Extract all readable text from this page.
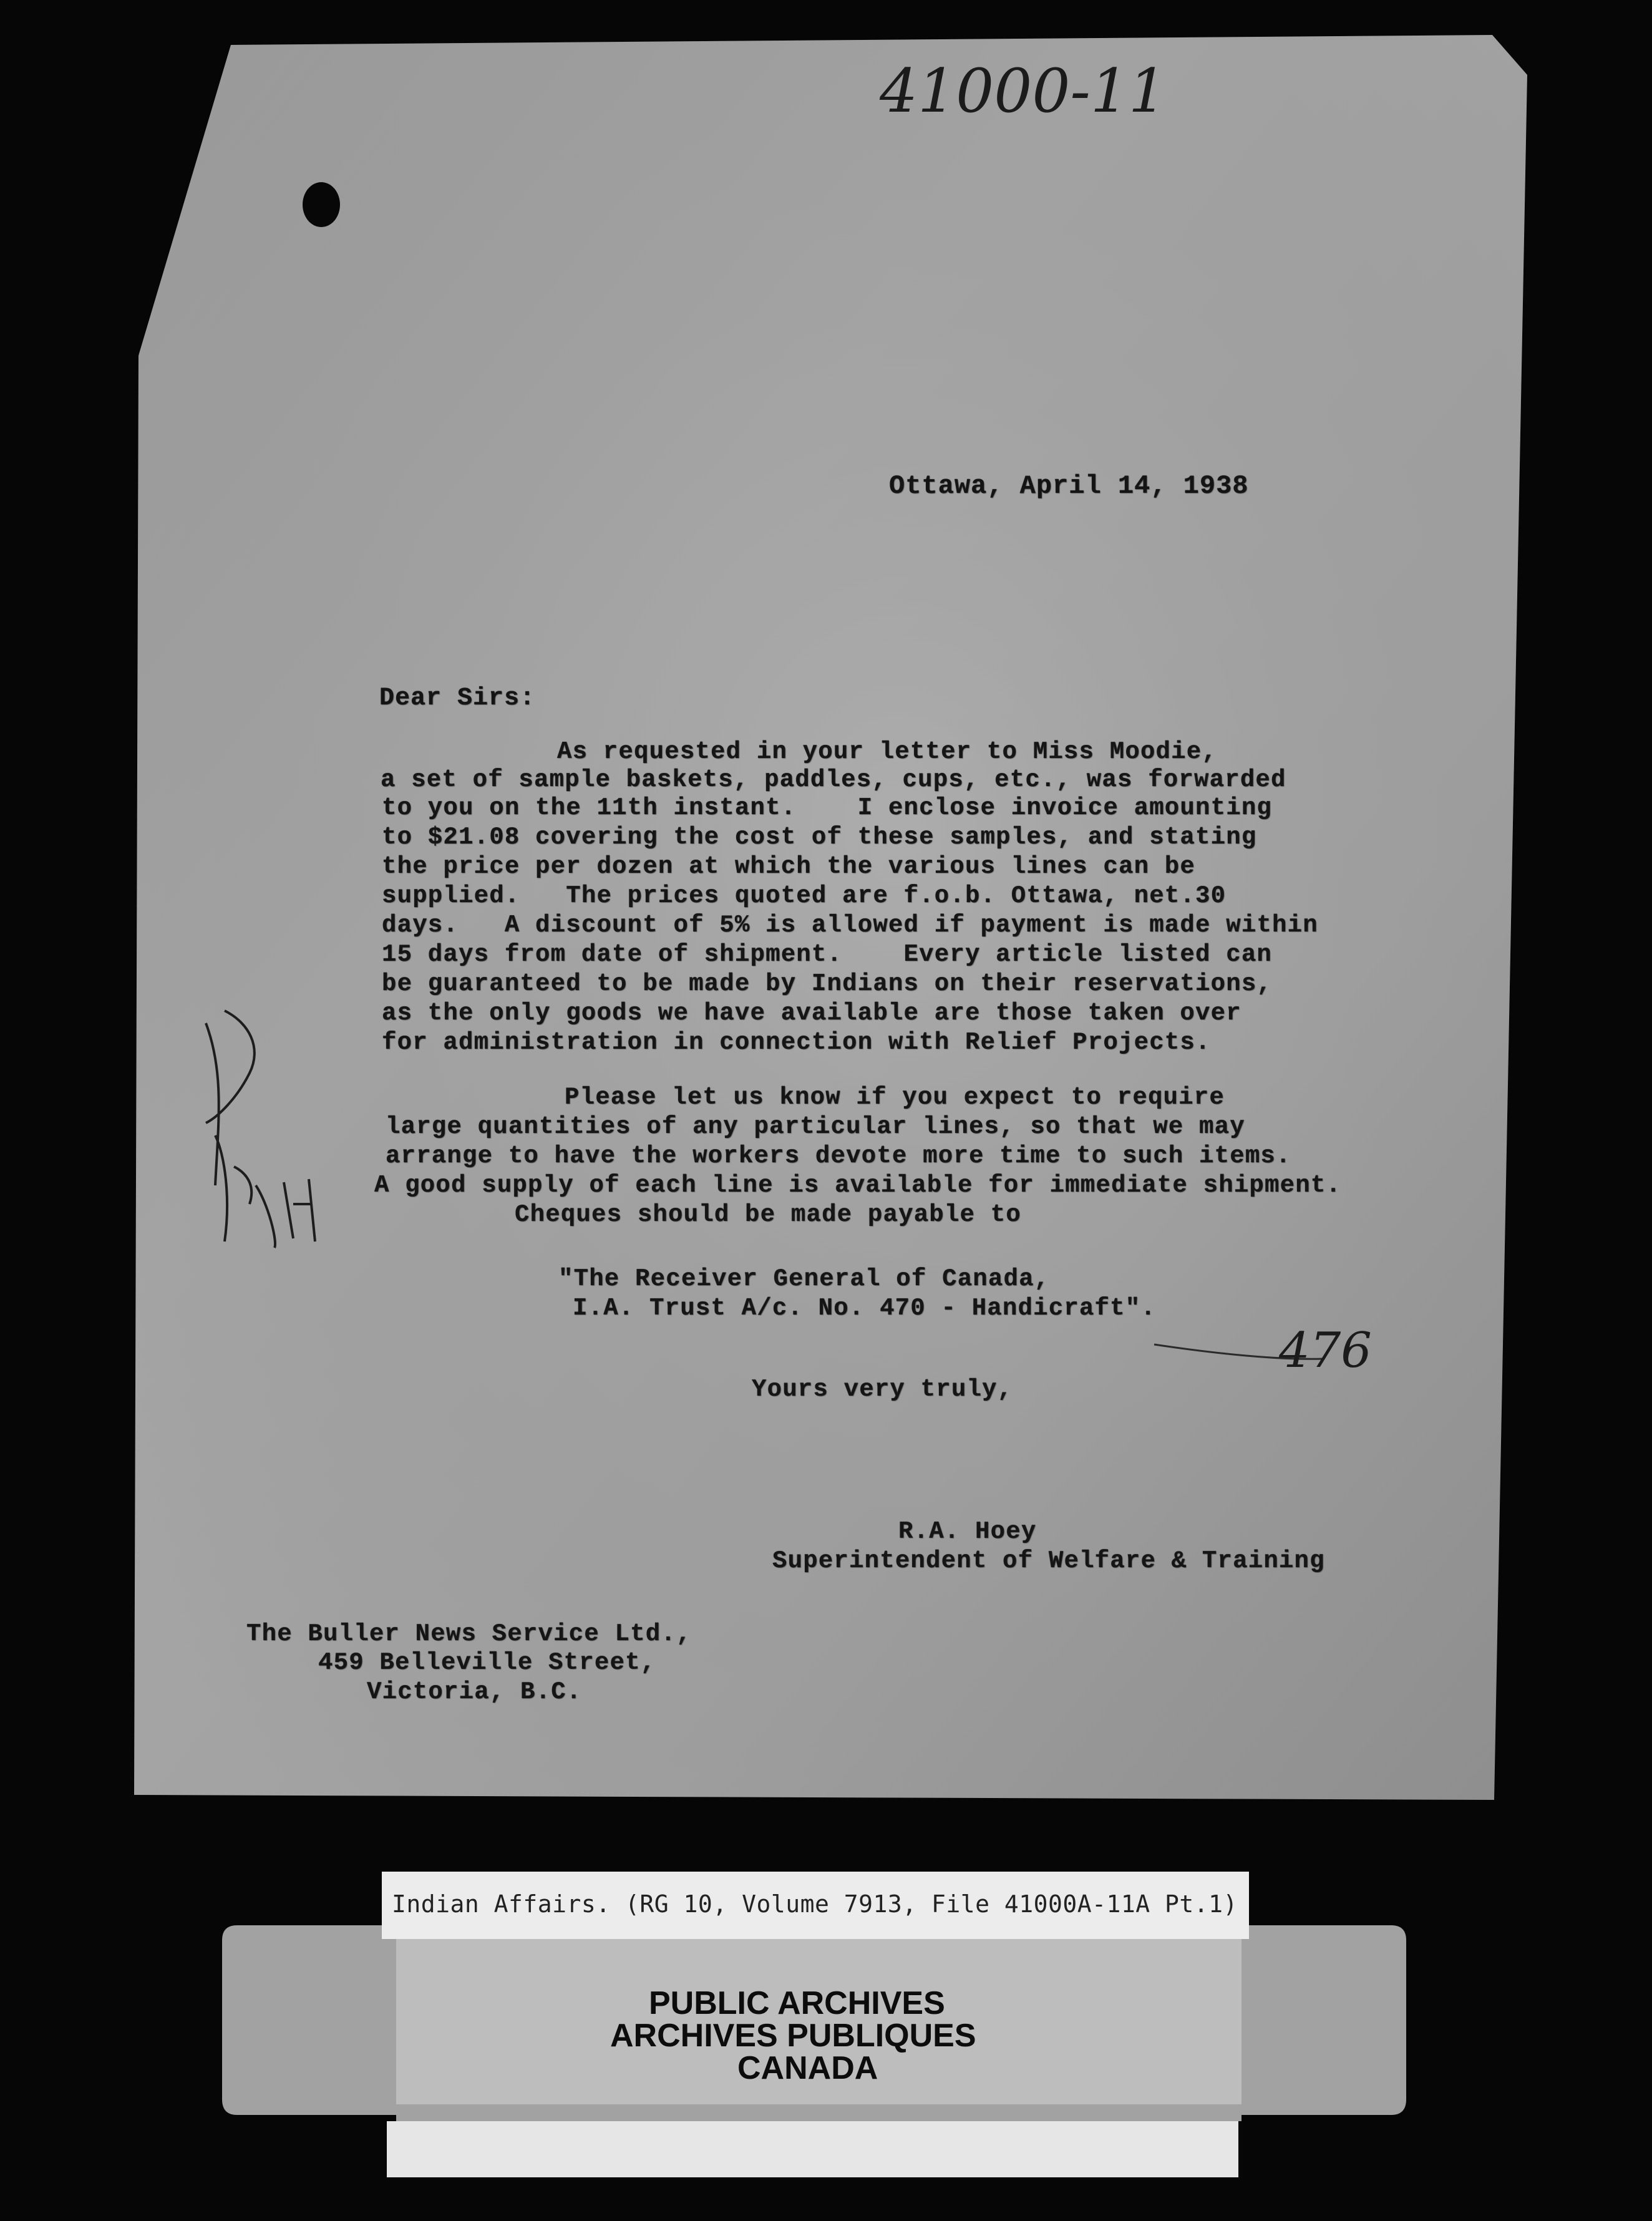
41000-11
Ottawa, April 14, 1938
Dear Sirs:
As requested in your letter to Miss Moodie,
a set of sample baskets, paddles, cups, etc., was forwarded
to you on the 11th instant.    I enclose invoice amounting
to $21.08 covering the cost of these samples, and stating
the price per dozen at which the various lines can be
supplied.   The prices quoted are f.o.b. Ottawa, net.30
days.   A discount of 5% is allowed if payment is made within
15 days from date of shipment.    Every article listed can
be guaranteed to be made by Indians on their reservations,
as the only goods we have available are those taken over
for administration in connection with Relief Projects.
Please let us know if you expect to require
large quantities of any particular lines, so that we may
arrange to have the workers devote more time to such items.
A good supply of each line is available for immediate shipment.
Cheques should be made payable to
"The Receiver General of Canada,
I.A. Trust A/c. No. 470 - Handicraft".
476
Yours very truly,
R.A. Hoey
Superintendent of Welfare & Training
The Buller News Service Ltd.,
459 Belleville Street,
Victoria, B.C.
Indian Affairs. (RG 10, Volume 7913, File 41000A-11A Pt.1)
PUBLIC ARCHIVES
ARCHIVES PUBLIQUES
CANADA
